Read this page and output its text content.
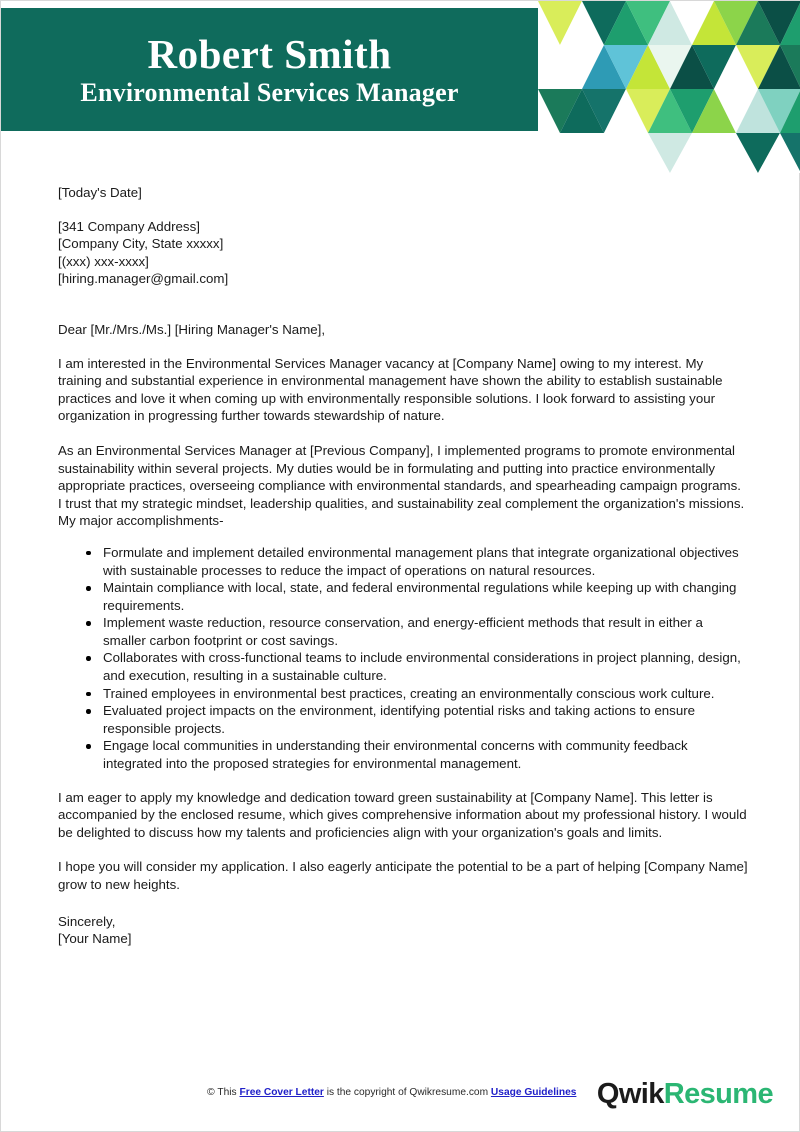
Robert Smith
Environmental Services Manager
[Today's Date]
[341 Company Address]
[Company City, State xxxxx]
[(xxx) xxx-xxxx]
[hiring.manager@gmail.com]
Dear [Mr./Mrs./Ms.] [Hiring Manager's Name],

I am interested in the Environmental Services Manager vacancy at [Company Name] owing to my interest. My training and substantial experience in environmental management have shown the ability to establish sustainable practices and love it when coming up with environmentally responsible solutions. I look forward to assisting your organization in progressing further towards stewardship of nature.

As an Environmental Services Manager at [Previous Company], I implemented programs to promote environmental sustainability within several projects. My duties would be in formulating and putting into practice environmentally appropriate practices, overseeing compliance with environmental standards, and spearheading campaign programs. I trust that my strategic mindset, leadership qualities, and sustainability zeal complement the organization's missions. My major accomplishments-

Formulate and implement detailed environmental management plans that integrate organizational objectives with sustainable processes to reduce the impact of operations on natural resources.
Maintain compliance with local, state, and federal environmental regulations while keeping up with changing requirements.
Implement waste reduction, resource conservation, and energy-efficient methods that result in either a smaller carbon footprint or cost savings.
Collaborates with cross-functional teams to include environmental considerations in project planning, design, and execution, resulting in a sustainable culture.
Trained employees in environmental best practices, creating an environmentally conscious work culture.
Evaluated project impacts on the environment, identifying potential risks and taking actions to ensure responsible projects.
Engage local communities in understanding their environmental concerns with community feedback integrated into the proposed strategies for environmental management.

I am eager to apply my knowledge and dedication toward green sustainability at [Company Name]. This letter is accompanied by the enclosed resume, which gives comprehensive information about my professional history. I would be delighted to discuss how my talents and proficiencies align with your organization's goals and limits.

I hope you will consider my application. I also eagerly anticipate the potential to be a part of helping [Company Name] grow to new heights.

Sincerely,
[Your Name]
© This Free Cover Letter is the copyright of Qwikresume.com Usage Guidelines QwikResume
